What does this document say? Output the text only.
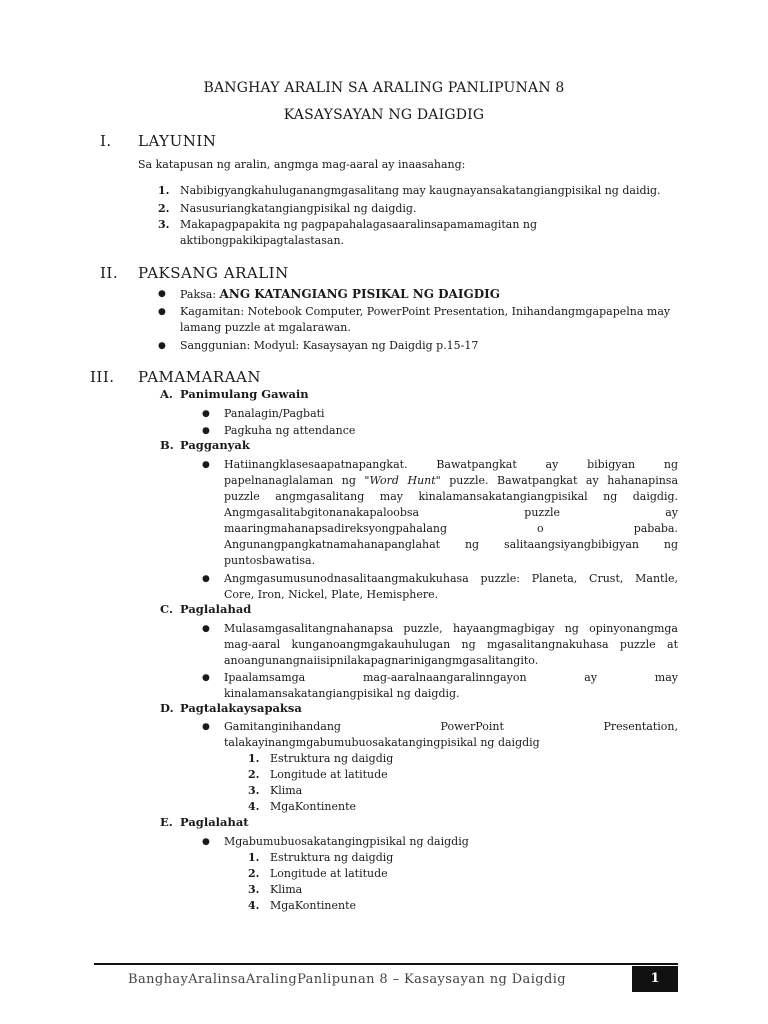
BANGHAY ARALIN SA ARALING PANLIPUNAN 8
KASAYSAYAN NG DAIGDIG
I. LAYUNIN
Sa katapusan ng aralin, angmga mag-aaral ay inaasahang:
1. Nabibigyangkahuluganangmgasalitang may kaugnayansakatangiangpisikal ng daidig.
2. Nasusuriangkatangiangpisikal ng daigdig.
3. Makapagpapakita ng pagpapahalagasaaralinsapamamagitan ng aktibongpakikipagtalastasan.
II. PAKSANG ARALIN
● Paksa: ANG KATANGIANG PISIKAL NG DAIGDIG
● Kagamitan: Notebook Computer, PowerPoint Presentation, Inihandangmgapapelna may lamang puzzle at mgalarawan.
● Sanggunian: Modyul: Kasaysayan ng Daigdig p.15-17
III. PAMAMARAAN
A. Panimulang Gawain
● Panalagin/Pagbati
● Pagkuha ng attendance
B. Pagganyak
● Hatiinangklasesaapatnapangkat. Bawatpangkat ay bibigyan ng papelnanaglalaman ng "Word Hunt" puzzle. Bawatpangkat ay hahanapinsa puzzle angmgasalitang may kinalamansakatangiangpisikal ng daigdig. Angmgasalitabgitonanakapaloobsa puzzle ay maaringmahanapsadireksyongpahalang o pababa. Angunangpangkatnamahanapanglahat ng salitaangsiyangbibigyan ng puntosbawatisa.
● Angmgasumusunodnasalitaangmakukuhasa puzzle: Planeta, Crust, Mantle, Core, Iron, Nickel, Plate, Hemisphere.
C. Paglalahad
● Mulasamgasalitangnahanapsa puzzle, hayaangmagbigay ng opinyonangmga mag-aaral kunganoangmgakauhulugan ng mgasalitangnakuhasa puzzle at anoangunangnaiisipnilakapagnarinigangmgasalitangito.
● Ipaalamsamga mag-aaralnaangaralinngayon ay may kinalamansakatangiangpisikal ng daigdig.
D. Pagtalakaysapaksa
● Gamitanginihandang PowerPoint Presentation, talakayinangmgabumubuosakatangingpisikal ng daigdig
1. Estruktura ng daigdig
2. Longitude at latitude
3. Klima
4. MgaKontinente
E. Paglalahat
● Mgabumubuosakatangingpisikal ng daigdig
1. Estruktura ng daigdig
2. Longitude at latitude
3. Klima
4. MgaKontinente
BanghayAralinsaAralingPanlipunan 8 – Kasaysayan ng Daigdig	1
